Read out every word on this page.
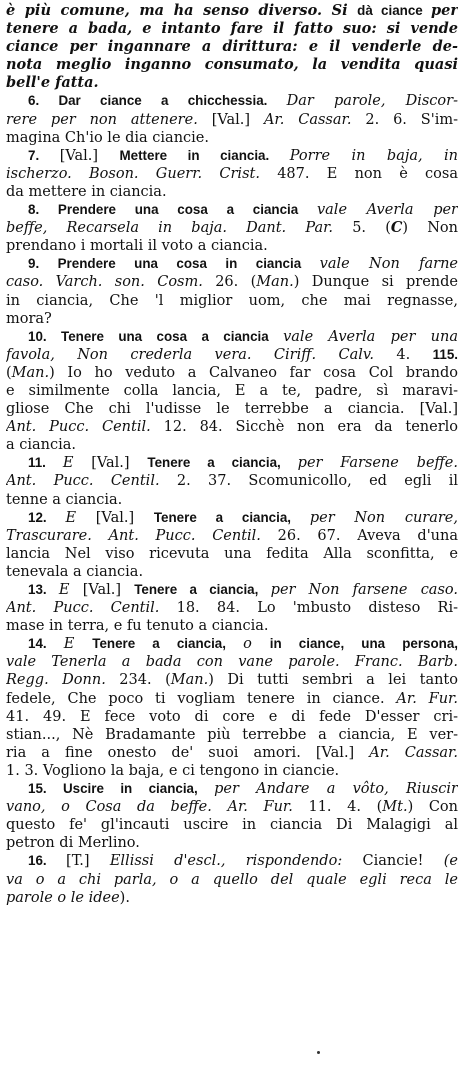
è più comune, ma ha senso diverso. Si dà ciance per
tenere a bada, e intanto fare il fatto suo: si vende
ciance per ingannare a dirittura: e il venderle de-
nota meglio inganno consumato, la vendita quasi
bell'e fatta.
6. Dar ciance a chicchessia. Dar parole, Discor-
rere per non attenere. [Val.] Ar. Cassar. 2. 6. S'im-
magina Ch'io le dia ciancie.
7. [Val.] Mettere in ciancia. Porre in baja, in
ischerzo. Boson. Guerr. Crist. 487. E non è cosa
da mettere in ciancia.
8. Prendere una cosa a ciancia vale Averla per
beffe, Recarsela in baja. Dant. Par. 5. (C) Non
prendano i mortali il voto a ciancia.
9. Prendere una cosa in ciancia vale Non farne
caso. Varch. son. Cosm. 26. (Man.) Dunque si prende
in ciancia, Che 'l miglior uom, che mai regnasse,
mora?
10. Tenere una cosa a ciancia vale Averla per una
favola, Non crederla vera. Ciriff. Calv. 4. 115.
(Man.) Io ho veduto a Calvaneo far cosa Col brando
e similmente colla lancia, E a te, padre, sì maravi-
gliose Che chi l'udisse le terrebbe a ciancia. [Val.]
Ant. Pucc. Centil. 12. 84. Sicchè non era da tenerlo
a ciancia.
11. E [Val.] Tenere a ciancia, per Farsene beffe.
Ant. Pucc. Centil. 2. 37. Scomunicollo, ed egli il
tenne a ciancia.
12. E [Val.] Tenere a ciancia, per Non curare,
Trascurare. Ant. Pucc. Centil. 26. 67. Aveva d'una
lancia Nel viso ricevuta una fedita Alla sconfitta, e
tenevala a ciancia.
13. E [Val.] Tenere a ciancia, per Non farsene caso.
Ant. Pucc. Centil. 18. 84. Lo 'mbusto disteso Ri-
mase in terra, e fu tenuto a ciancia.
14. E Tenere a ciancia, o in ciance, una persona,
vale Tenerla a bada con vane parole. Franc. Barb.
Regg. Donn. 234. (Man.) Di tutti sembri a lei tanto
fedele, Che poco ti vogliam tenere in ciance. Ar. Fur.
41. 49. E fece voto di core e di fede D'esser cri-
stian..., Nè Bradamante più terrebbe a ciancia, E ver-
ria a fine onesto de' suoi amori. [Val.] Ar. Cassar.
1. 3. Vogliono la baja, e ci tengono in ciancie.
15. Uscire in ciancia, per Andare a vôto, Riuscir
vano, o Cosa da beffe. Ar. Fur. 11. 4. (Mt.) Con
questo fe' gl'incauti uscire in ciancia Di Malagigi al
petron di Merlino.
16. [T.] Ellissi d'escl., rispondendo: Ciancie! (e
va o a chi parla, o a quello del quale egli reca le
parole o le idee).
